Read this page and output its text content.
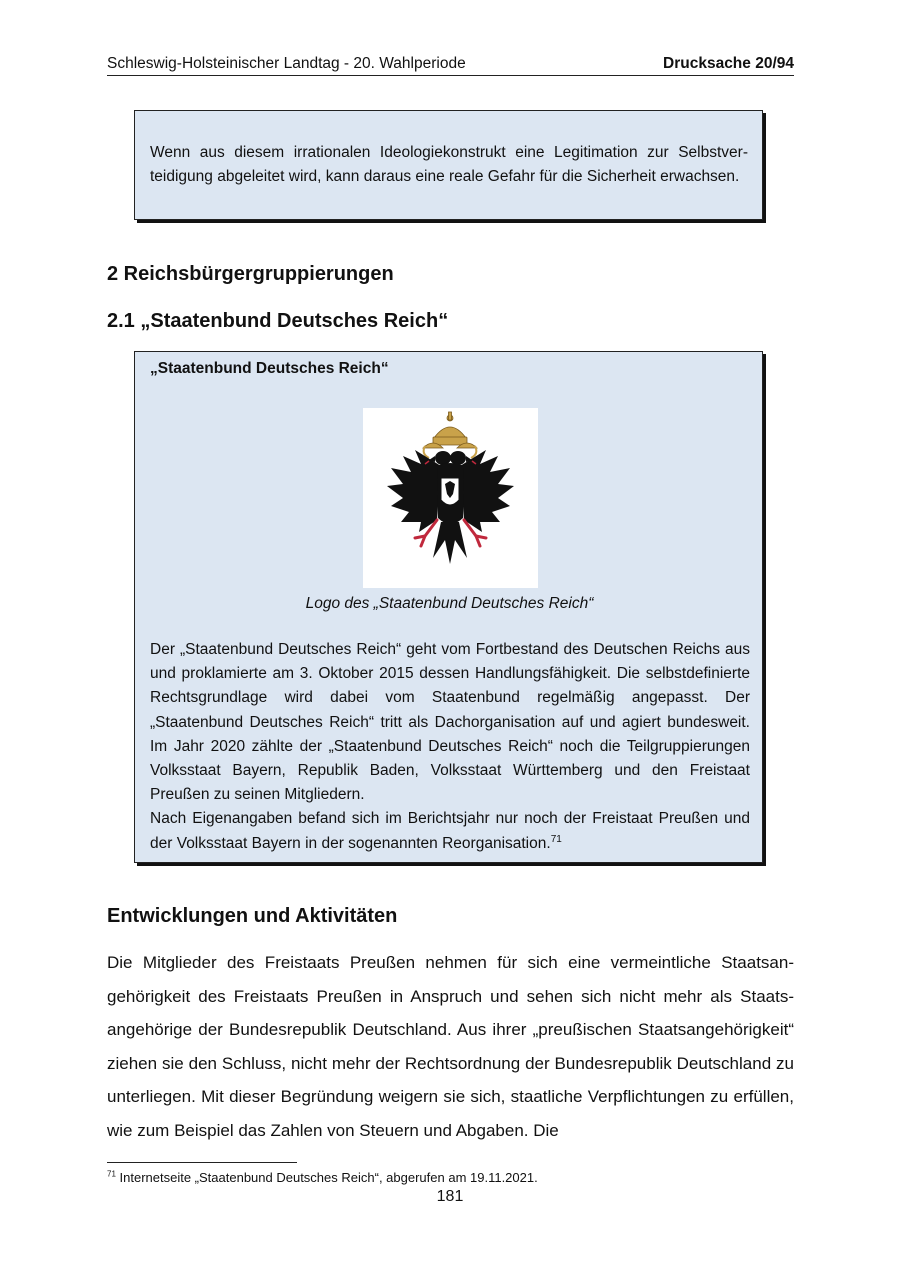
Schleswig-Holsteinischer Landtag - 20. Wahlperiode	Drucksache 20/94

Wenn aus diesem irrationalen Ideologiekonstrukt eine Legitimation zur Selbstverteidigung abgeleitet wird, kann daraus eine reale Gefahr für die Sicherheit erwachsen.

2 Reichsbürgergruppierungen
2.1 „Staatenbund Deutsches Reich“
„Staatenbund Deutsches Reich“
Logo des „Staatenbund Deutsches Reich“

Der „Staatenbund Deutsches Reich“ geht vom Fortbestand des Deutschen Reichs aus und proklamierte am 3. Oktober 2015 dessen Handlungsfähigkeit. Die selbstdefinierte Rechtsgrundlage wird dabei vom Staatenbund regelmäßig angepasst. Der „Staatenbund Deutsches Reich“ tritt als Dachorganisation auf und agiert bundesweit. Im Jahr 2020 zählte der „Staatenbund Deutsches Reich“ noch die Teilgruppierungen Volksstaat Bayern, Republik Baden, Volksstaat Württemberg und den Freistaat Preußen zu seinen Mitgliedern.

Nach Eigenangaben befand sich im Berichtsjahr nur noch der Freistaat Preußen und der Volksstaat Bayern in der sogenannten Reorganisation.$^{71}$

Entwicklungen und Aktivitäten

Die Mitglieder des Freistaats Preußen nehmen für sich eine vermeintliche Staatsangehörigkeit des Freistaats Preußen in Anspruch und sehen sich nicht mehr als Staatsangehörige der Bundesrepublik Deutschland. Aus ihrer „preußischen Staatsangehörigkeit“ ziehen sie den Schluss, nicht mehr der Rechtsordnung der Bundesrepublik Deutschland zu unterliegen. Mit dieser Begründung weigern sie sich, staatliche Verpflichtungen zu erfüllen, wie zum Beispiel das Zahlen von Steuern und Abgaben. Die

$^{71}$ Internetseite „Staatenbund Deutsches Reich“, abgerufen am 19.11.2021.
181
